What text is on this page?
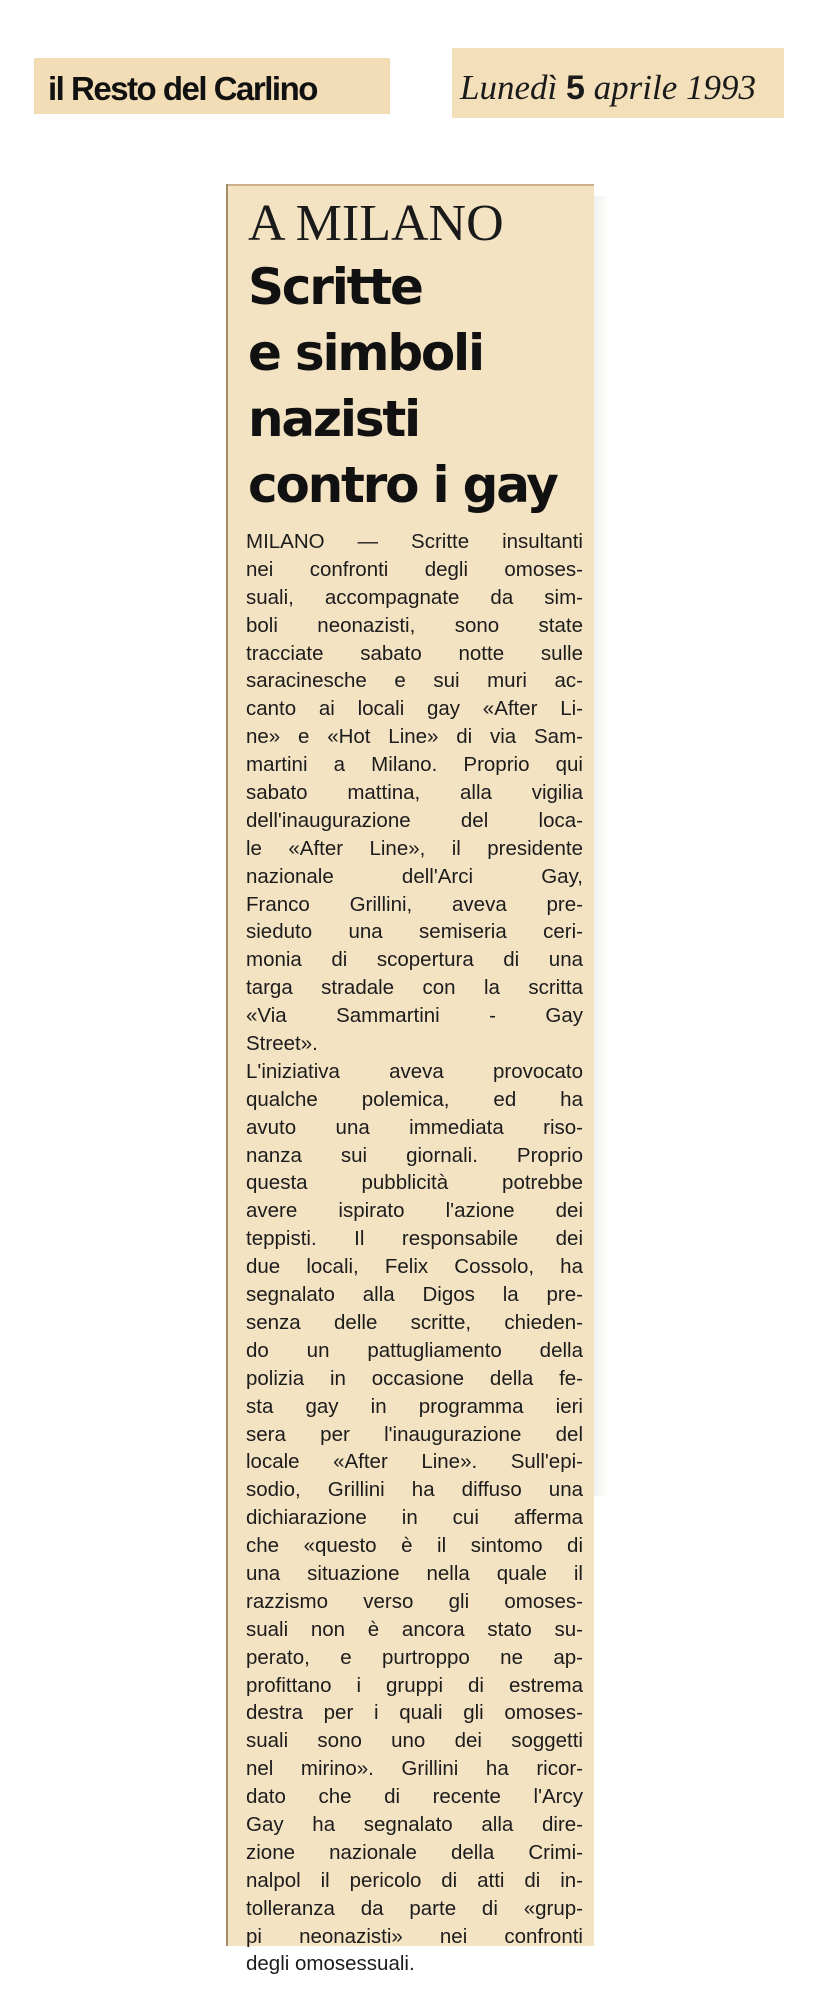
il Resto del Carlino	Lunedì 5 aprile 1993
A MILANO
Scritte
e simboli
nazisti
contro i gay
MILANO — Scritte insultanti
nei confronti degli omoses-
suali, accompagnate da sim-
boli neonazisti, sono state
tracciate sabato notte sulle
saracinesche e sui muri ac-
canto ai locali gay «After Li-
ne» e «Hot Line» di via Sam-
martini a Milano. Proprio qui
sabato mattina, alla vigilia
dell'inaugurazione del loca-
le «After Line», il presidente
nazionale dell'Arci Gay,
Franco Grillini, aveva pre-
sieduto una semiseria ceri-
monia di scopertura di una
targa stradale con la scritta
«Via Sammartini - Gay
Street».
L'iniziativa aveva provocato
qualche polemica, ed ha
avuto una immediata riso-
nanza sui giornali. Proprio
questa pubblicità potrebbe
avere ispirato l'azione dei
teppisti. Il responsabile dei
due locali, Felix Cossolo, ha
segnalato alla Digos la pre-
senza delle scritte, chieden-
do un pattugliamento della
polizia in occasione della fe-
sta gay in programma ieri
sera per l'inaugurazione del
locale «After Line». Sull'epi-
sodio, Grillini ha diffuso una
dichiarazione in cui afferma
che «questo è il sintomo di
una situazione nella quale il
razzismo verso gli omoses-
suali non è ancora stato su-
perato, e purtroppo ne ap-
profittano i gruppi di estrema
destra per i quali gli omoses-
suali sono uno dei soggetti
nel mirino». Grillini ha ricor-
dato che di recente l'Arcy
Gay ha segnalato alla dire-
zione nazionale della Crimi-
nalpol il pericolo di atti di in-
tolleranza da parte di «grup-
pi neonazisti» nei confronti
degli omosessuali.
